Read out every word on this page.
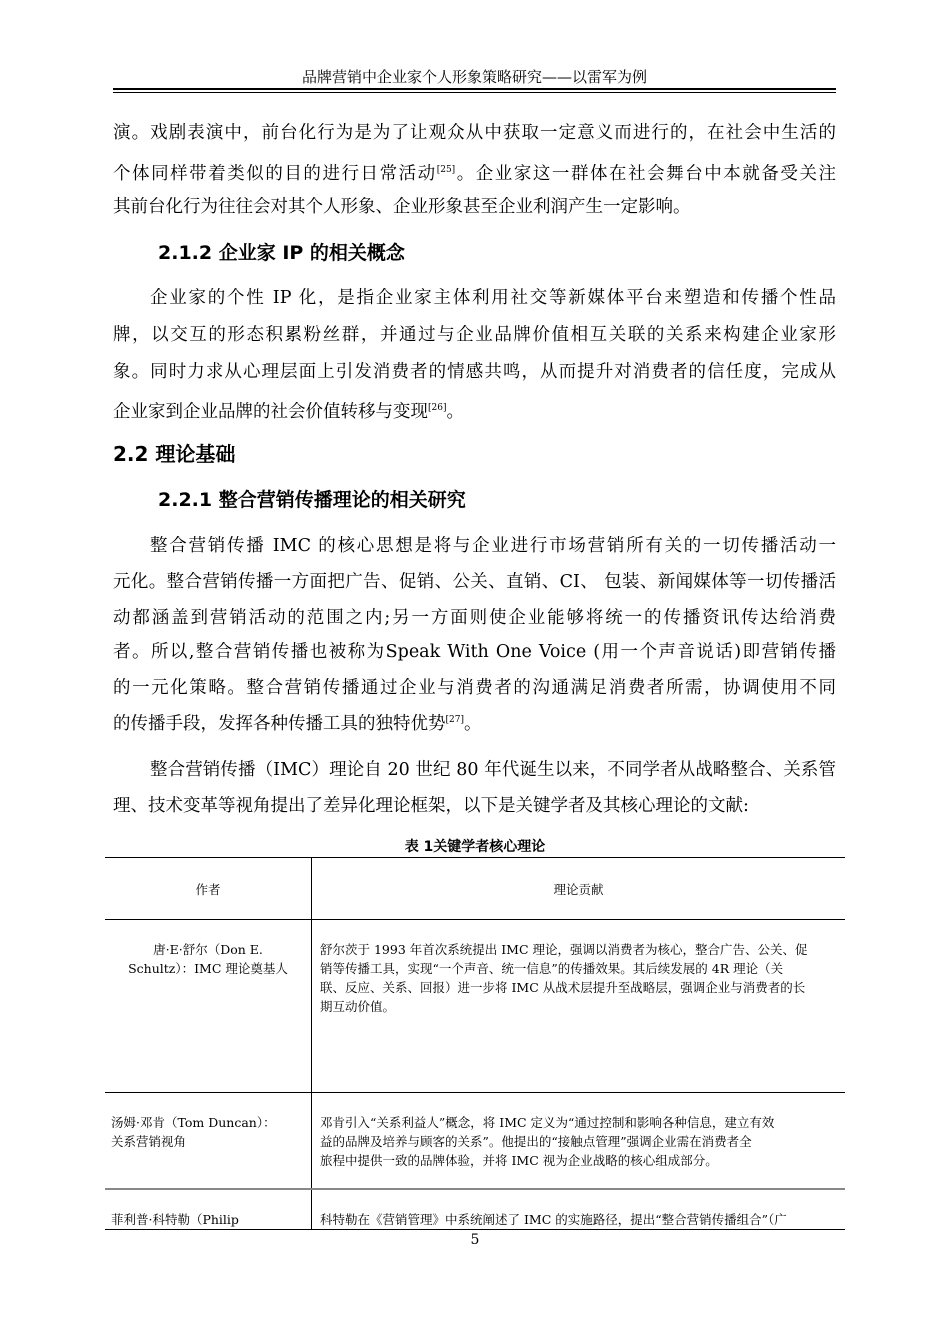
品牌营销中企业家个人形象策略研究——以雷军为例
演。戏剧表演中，前台化行为是为了让观众从中获取一定意义而进行的，在社会中生活的
个体同样带着类似的目的进行日常活动[25]。企业家这一群体在社会舞台中本就备受关注
其前台化行为往往会对其个人形象、企业形象甚至企业利润产生一定影响。
2.1.2 企业家 IP 的相关概念
企业家的个性 IP 化，是指企业家主体利用社交等新媒体平台来塑造和传播个性品
牌，以交互的形态积累粉丝群，并通过与企业品牌价值相互关联的关系来构建企业家形
象。同时力求从心理层面上引发消费者的情感共鸣，从而提升对消费者的信任度，完成从
企业家到企业品牌的社会价值转移与变现[26]。
2.2 理论基础
2.2.1 整合营销传播理论的相关研究
整合营销传播 IMC 的核心思想是将与企业进行市场营销所有关的一切传播活动一
元化。整合营销传播一方面把广告、促销、公关、直销、CI、 包装、新闻媒体等一切传播活
动都涵盖到营销活动的范围之内;另一方面则使企业能够将统一的传播资讯传达给消费
者。所以,整合营销传播也被称为Speak With One Voice (用一个声音说话)即营销传播
的一元化策略。整合营销传播通过企业与消费者的沟通满足消费者所需，协调使用不同
的传播手段，发挥各种传播工具的独特优势[27]。
整合营销传播（IMC）理论自 20 世纪 80 年代诞生以来，不同学者从战略整合、关系管
理、技术变革等视角提出了差异化理论框架，以下是关键学者及其核心理论的文献:
表 1关键学者核心理论
作者	理论贡献

唐·E·舒尔（Don E.
Schultz）：IMC 理论奠基人	舒尔茨于 1993 年首次系统提出 IMC 理论，强调以消费者为核心，整合广告、公关、促
销等传播工具，实现“一个声音、统一信息”的传播效果。其后续发展的 4R 理论（关
联、反应、关系、回报）进一步将 IMC 从战术层提升至战略层，强调企业与消费者的长
期互动价值。

汤姆·邓肯（Tom Duncan）：
关系营销视角	邓肯引入“关系利益人”概念，将 IMC 定义为“通过控制和影响各种信息，建立有效
益的品牌及培养与顾客的关系”。他提出的“接触点管理”强调企业需在消费者全
旅程中提供一致的品牌体验，并将 IMC 视为企业战略的核心组成部分。

菲利普·科特勒（Philip	科特勒在《营销管理》中系统阐述了 IMC 的实施路径，提出“整合营销传播组合”（广
5
